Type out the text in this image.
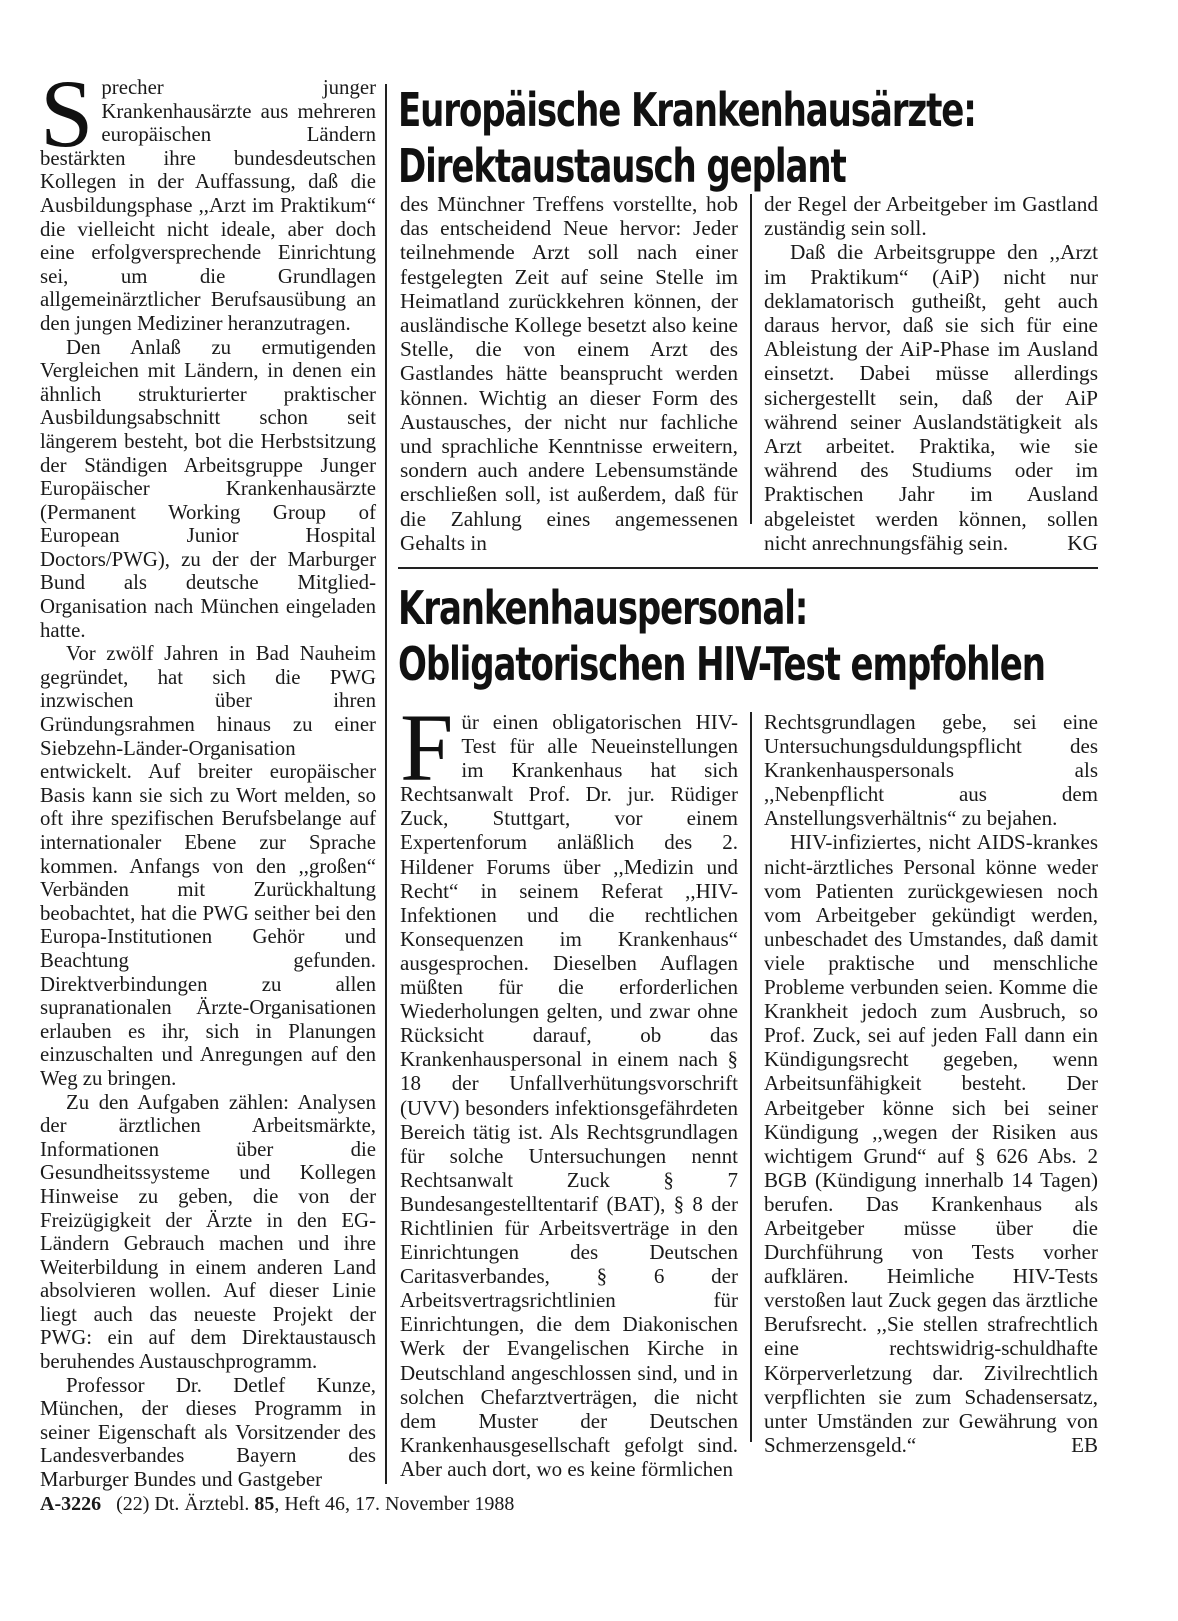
Europäische Krankenhausärzte:
Direktaustausch geplant

Sprecher junger Krankenhausärzte aus mehreren europäischen Ländern bestärkten ihre bundesdeutschen Kollegen in der Auffassung, daß die Ausbildungsphase ,,Arzt im Praktikum“ die vielleicht nicht ideale, aber doch eine erfolgversprechende Einrichtung sei, um die Grundlagen allgemeinärztlicher Berufsausübung an den jungen Mediziner heranzutragen.

Den Anlaß zu ermutigenden Vergleichen mit Ländern, in denen ein ähnlich strukturierter praktischer Ausbildungsabschnitt schon seit längerem besteht, bot die Herbstsitzung der Ständigen Arbeitsgruppe Junger Europäischer Krankenhausärzte (Permanent Working Group of European Junior Hospital Doctors/PWG), zu der der Marburger Bund als deutsche Mitglied-Organisation nach München eingeladen hatte.

Vor zwölf Jahren in Bad Nauheim gegründet, hat sich die PWG inzwischen über ihren Gründungsrahmen hinaus zu einer Siebzehn-Länder-Organisation entwickelt. Auf breiter europäischer Basis kann sie sich zu Wort melden, so oft ihre spezifischen Berufsbelange auf internationaler Ebene zur Sprache kommen. Anfangs von den ,,großen“ Verbänden mit Zurückhaltung beobachtet, hat die PWG seither bei den Europa-Institutionen Gehör und Beachtung gefunden. Direktverbindungen zu allen supranationalen Ärzte-Organisationen erlauben es ihr, sich in Planungen einzuschalten und Anregungen auf den Weg zu bringen.

Zu den Aufgaben zählen: Analysen der ärztlichen Arbeitsmärkte, Informationen über die Gesundheitssysteme und Kollegen Hinweise zu geben, die von der Freizügigkeit der Ärzte in den EG-Ländern Gebrauch machen und ihre Weiterbildung in einem anderen Land absolvieren wollen. Auf dieser Linie liegt auch das neueste Projekt der PWG: ein auf dem Direktaustausch beruhendes Austauschprogramm.

Professor Dr. Detlef Kunze, München, der dieses Programm in seiner Eigenschaft als Vorsitzender des Landesverbandes Bayern des Marburger Bundes und Gastgeber

des Münchner Treffens vorstellte, hob das entscheidend Neue hervor: Jeder teilnehmende Arzt soll nach einer festgelegten Zeit auf seine Stelle im Heimatland zurückkehren können, der ausländische Kollege besetzt also keine Stelle, die von einem Arzt des Gastlandes hätte beansprucht werden können. Wichtig an dieser Form des Austausches, der nicht nur fachliche und sprachliche Kenntnisse erweitern, sondern auch andere Lebensumstände erschließen soll, ist außerdem, daß für die Zahlung eines angemessenen Gehalts in

der Regel der Arbeitgeber im Gastland zuständig sein soll.

Daß die Arbeitsgruppe den ,,Arzt im Praktikum“ (AiP) nicht nur deklamatorisch gutheißt, geht auch daraus hervor, daß sie sich für eine Ableistung der AiP-Phase im Ausland einsetzt. Dabei müsse allerdings sichergestellt sein, daß der AiP während seiner Auslandstätigkeit als Arzt arbeitet. Praktika, wie sie während des Studiums oder im Praktischen Jahr im Ausland abgeleistet werden können, sollen nicht anrechnungsfähig sein.	KG

Krankenhauspersonal:
Obligatorischen HIV-Test empfohlen

Für einen obligatorischen HIV-Test für alle Neueinstellungen im Krankenhaus hat sich Rechtsanwalt Prof. Dr. jur. Rüdiger Zuck, Stuttgart, vor einem Expertenforum anläßlich des 2. Hildener Forums über ,,Medizin und Recht“ in seinem Referat ,,HIV-Infektionen und die rechtlichen Konsequenzen im Krankenhaus“ ausgesprochen. Dieselben Auflagen müßten für die erforderlichen Wiederholungen gelten, und zwar ohne Rücksicht darauf, ob das Krankenhauspersonal in einem nach § 18 der Unfallverhütungsvorschrift (UVV) besonders infektionsgefährdeten Bereich tätig ist. Als Rechtsgrundlagen für solche Untersuchungen nennt Rechtsanwalt Zuck § 7 Bundesangestelltentarif (BAT), § 8 der Richtlinien für Arbeitsverträge in den Einrichtungen des Deutschen Caritasverbandes, § 6 der Arbeitsvertragsrichtlinien für Einrichtungen, die dem Diakonischen Werk der Evangelischen Kirche in Deutschland angeschlossen sind, und in solchen Chefarztverträgen, die nicht dem Muster der Deutschen Krankenhausgesellschaft gefolgt sind. Aber auch dort, wo es keine förmlichen

Rechtsgrundlagen gebe, sei eine Untersuchungsduldungspflicht des Krankenhauspersonals als ,,Nebenpflicht aus dem Anstellungsverhältnis“ zu bejahen.

HIV-infiziertes, nicht AIDS-krankes nicht-ärztliches Personal könne weder vom Patienten zurückgewiesen noch vom Arbeitgeber gekündigt werden, unbeschadet des Umstandes, daß damit viele praktische und menschliche Probleme verbunden seien. Komme die Krankheit jedoch zum Ausbruch, so Prof. Zuck, sei auf jeden Fall dann ein Kündigungsrecht gegeben, wenn Arbeitsunfähigkeit besteht. Der Arbeitgeber könne sich bei seiner Kündigung ,,wegen der Risiken aus wichtigem Grund“ auf § 626 Abs. 2 BGB (Kündigung innerhalb 14 Tagen) berufen. Das Krankenhaus als Arbeitgeber müsse über die Durchführung von Tests vorher aufklären. Heimliche HIV-Tests verstoßen laut Zuck gegen das ärztliche Berufsrecht. ,,Sie stellen strafrechtlich eine rechtswidrig-schuldhafte Körperverletzung dar. Zivilrechtlich verpflichten sie zum Schadensersatz, unter Umständen zur Gewährung von Schmerzensgeld.“	EB

A-3226 (22) Dt. Ärztebl. 85, Heft 46, 17. November 1988
